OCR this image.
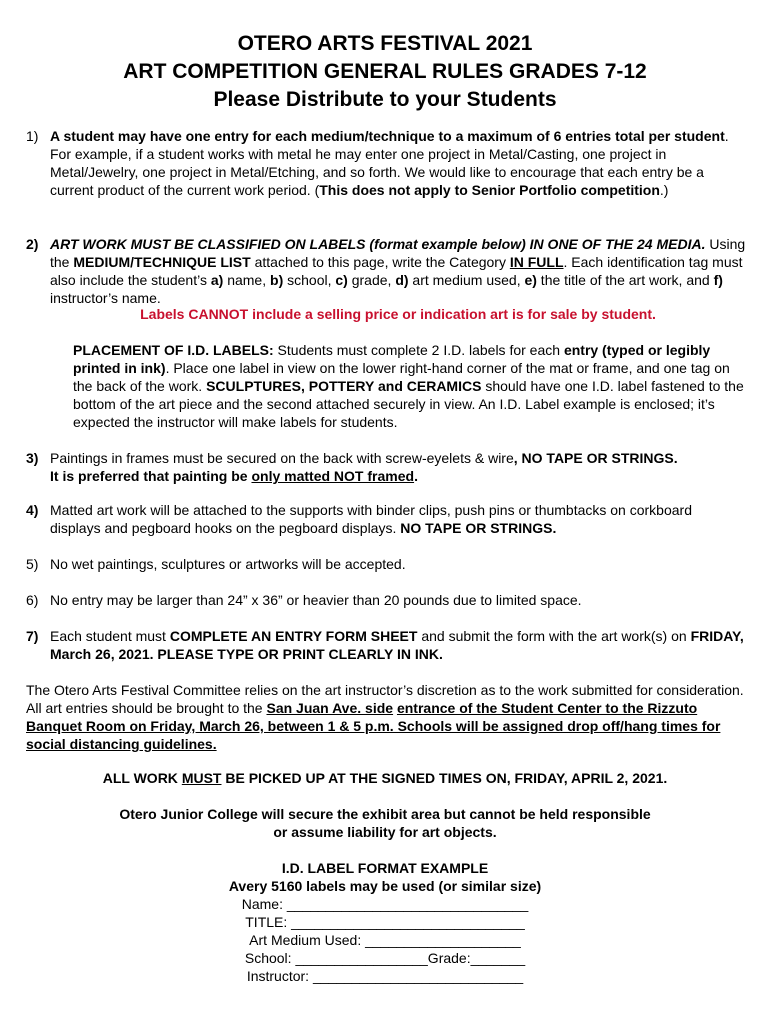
OTERO ARTS FESTIVAL 2021
ART COMPETITION GENERAL RULES GRADES 7-12
Please Distribute to your Students
1) A student may have one entry for each medium/technique to a maximum of 6 entries total per student. For example, if a student works with metal he may enter one project in Metal/Casting, one project in Metal/Jewelry, one project in Metal/Etching, and so forth. We would like to encourage that each entry be a current product of the current work period. (This does not apply to Senior Portfolio competition.)
2) ART WORK MUST BE CLASSIFIED ON LABELS (format example below) IN ONE OF THE 24 MEDIA. Using the MEDIUM/TECHNIQUE LIST attached to this page, write the Category IN FULL. Each identification tag must also include the student’s a) name, b) school, c) grade, d) art medium used, e) the title of the art work, and f) instructor’s name.
Labels CANNOT include a selling price or indication art is for sale by student.
PLACEMENT OF I.D. LABELS: Students must complete 2 I.D. labels for each entry (typed or legibly printed in ink). Place one label in view on the lower right-hand corner of the mat or frame, and one tag on the back of the work. SCULPTURES, POTTERY and CERAMICS should have one I.D. label fastened to the bottom of the art piece and the second attached securely in view. An I.D. Label example is enclosed; it’s expected the instructor will make labels for students.
3) Paintings in frames must be secured on the back with screw-eyelets & wire, NO TAPE OR STRINGS.
It is preferred that painting be only matted NOT framed.
4) Matted art work will be attached to the supports with binder clips, push pins or thumbtacks on corkboard displays and pegboard hooks on the pegboard displays. NO TAPE OR STRINGS.
5) No wet paintings, sculptures or artworks will be accepted.
6) No entry may be larger than 24” x 36” or heavier than 20 pounds due to limited space.
7) Each student must COMPLETE AN ENTRY FORM SHEET and submit the form with the art work(s) on FRIDAY, March 26, 2021. PLEASE TYPE OR PRINT CLEARLY IN INK.
The Otero Arts Festival Committee relies on the art instructor’s discretion as to the work submitted for consideration. All art entries should be brought to the San Juan Ave. side entrance of the Student Center to the Rizzuto Banquet Room on Friday, March 26, between 1 & 5 p.m. Schools will be assigned drop off/hang times for social distancing guidelines.
ALL WORK MUST BE PICKED UP AT THE SIGNED TIMES ON, FRIDAY, APRIL 2, 2021.
Otero Junior College will secure the exhibit area but cannot be held responsible
or assume liability for art objects.
I.D. LABEL FORMAT EXAMPLE
Avery 5160 labels may be used (or similar size)
Name: _______________________________
TITLE: ______________________________
Art Medium Used: ____________________
School: _________________Grade:_______
Instructor: ___________________________
